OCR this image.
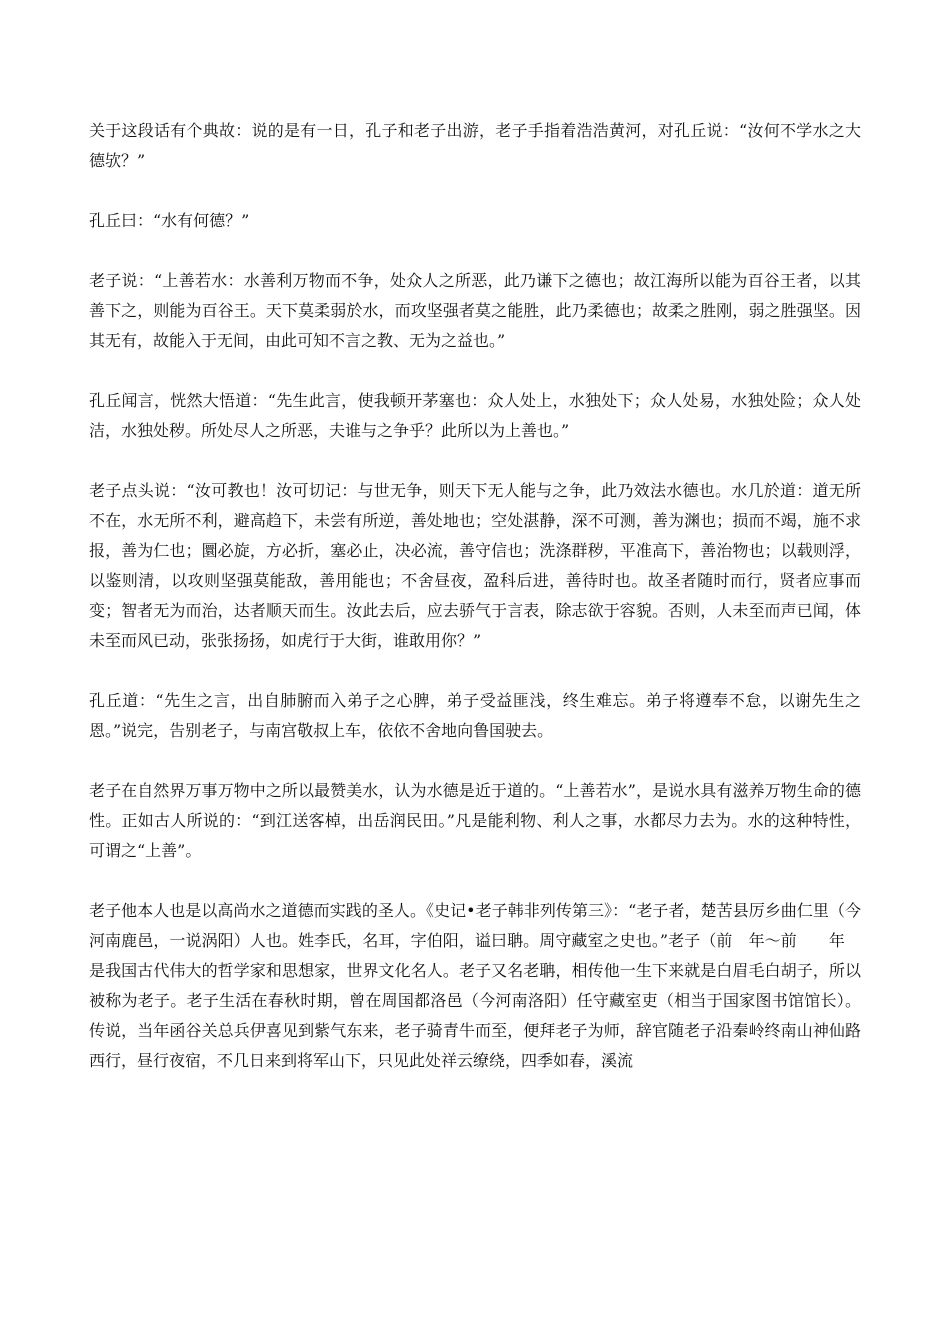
关于这段话有个典故：说的是有一日，孔子和老子出游，老子手指着浩浩黄河，对孔丘说：“汝何不学水之大德欤？”

孔丘曰：“水有何德？”

老子说：“上善若水：水善利万物而不争，处众人之所恶，此乃谦下之德也；故江海所以能为百谷王者，以其善下之，则能为百谷王。天下莫柔弱於水，而攻坚强者莫之能胜，此乃柔德也；故柔之胜刚，弱之胜强坚。因其无有，故能入于无间，由此可知不言之教、无为之益也。”

孔丘闻言，恍然大悟道：“先生此言，使我顿开茅塞也：众人处上，水独处下；众人处易，水独处险；众人处洁，水独处秽。所处尽人之所恶，夫谁与之争乎？此所以为上善也。”

老子点头说：“汝可教也！汝可切记：与世无争，则天下无人能与之争，此乃效法水德也。水几於道：道无所不在，水无所不利，避高趋下，未尝有所逆，善处地也；空处湛静，深不可测，善为渊也；损而不竭，施不求报，善为仁也；圜必旋，方必折，塞必止，决必流，善守信也；洗涤群秽，平准高下，善治物也；以载则浮，以鉴则清，以攻则坚强莫能敌，善用能也；不舍昼夜，盈科后进，善待时也。故圣者随时而行，贤者应事而变；智者无为而治，达者顺天而生。汝此去后，应去骄气于言表，除志欲于容貌。否则，人未至而声已闻，体未至而风已动，张张扬扬，如虎行于大街，谁敢用你？”

孔丘道：“先生之言，出自肺腑而入弟子之心脾，弟子受益匪浅，终生难忘。弟子将遵奉不怠，以谢先生之恩。”说完，告别老子，与南宫敬叔上车，依依不舍地向鲁国驶去。

老子在自然界万事万物中之所以最赞美水，认为水德是近于道的。“上善若水”，是说水具有滋养万物生命的德性。正如古人所说的：“到江送客棹，出岳润民田。”凡是能利物、利人之事，水都尽力去为。水的这种特性，可谓之“上善”。

老子他本人也是以高尚水之道德而实践的圣人。《史记•老子韩非列传第三》：“老子者，楚苦县厉乡曲仁里（今河南鹿邑，一说涡阳）人也。姓李氏，名耳，字伯阳，谥曰聃。周守藏室之史也。”老子（前 年～前 年是我国古代伟大的哲学家和思想家，世界文化名人。老子又名老聃，相传他一生下来就是白眉毛白胡子，所以被称为老子。老子生活在春秋时期，曾在周国都洛邑（今河南洛阳）任守藏室吏（相当于国家图书馆馆长）。传说，当年函谷关总兵伊喜见到紫气东来，老子骑青牛而至，便拜老子为师，辞官随老子沿秦岭终南山神仙路西行，昼行夜宿，不几日来到将军山下，只见此处祥云缭绕，四季如春，溪流
